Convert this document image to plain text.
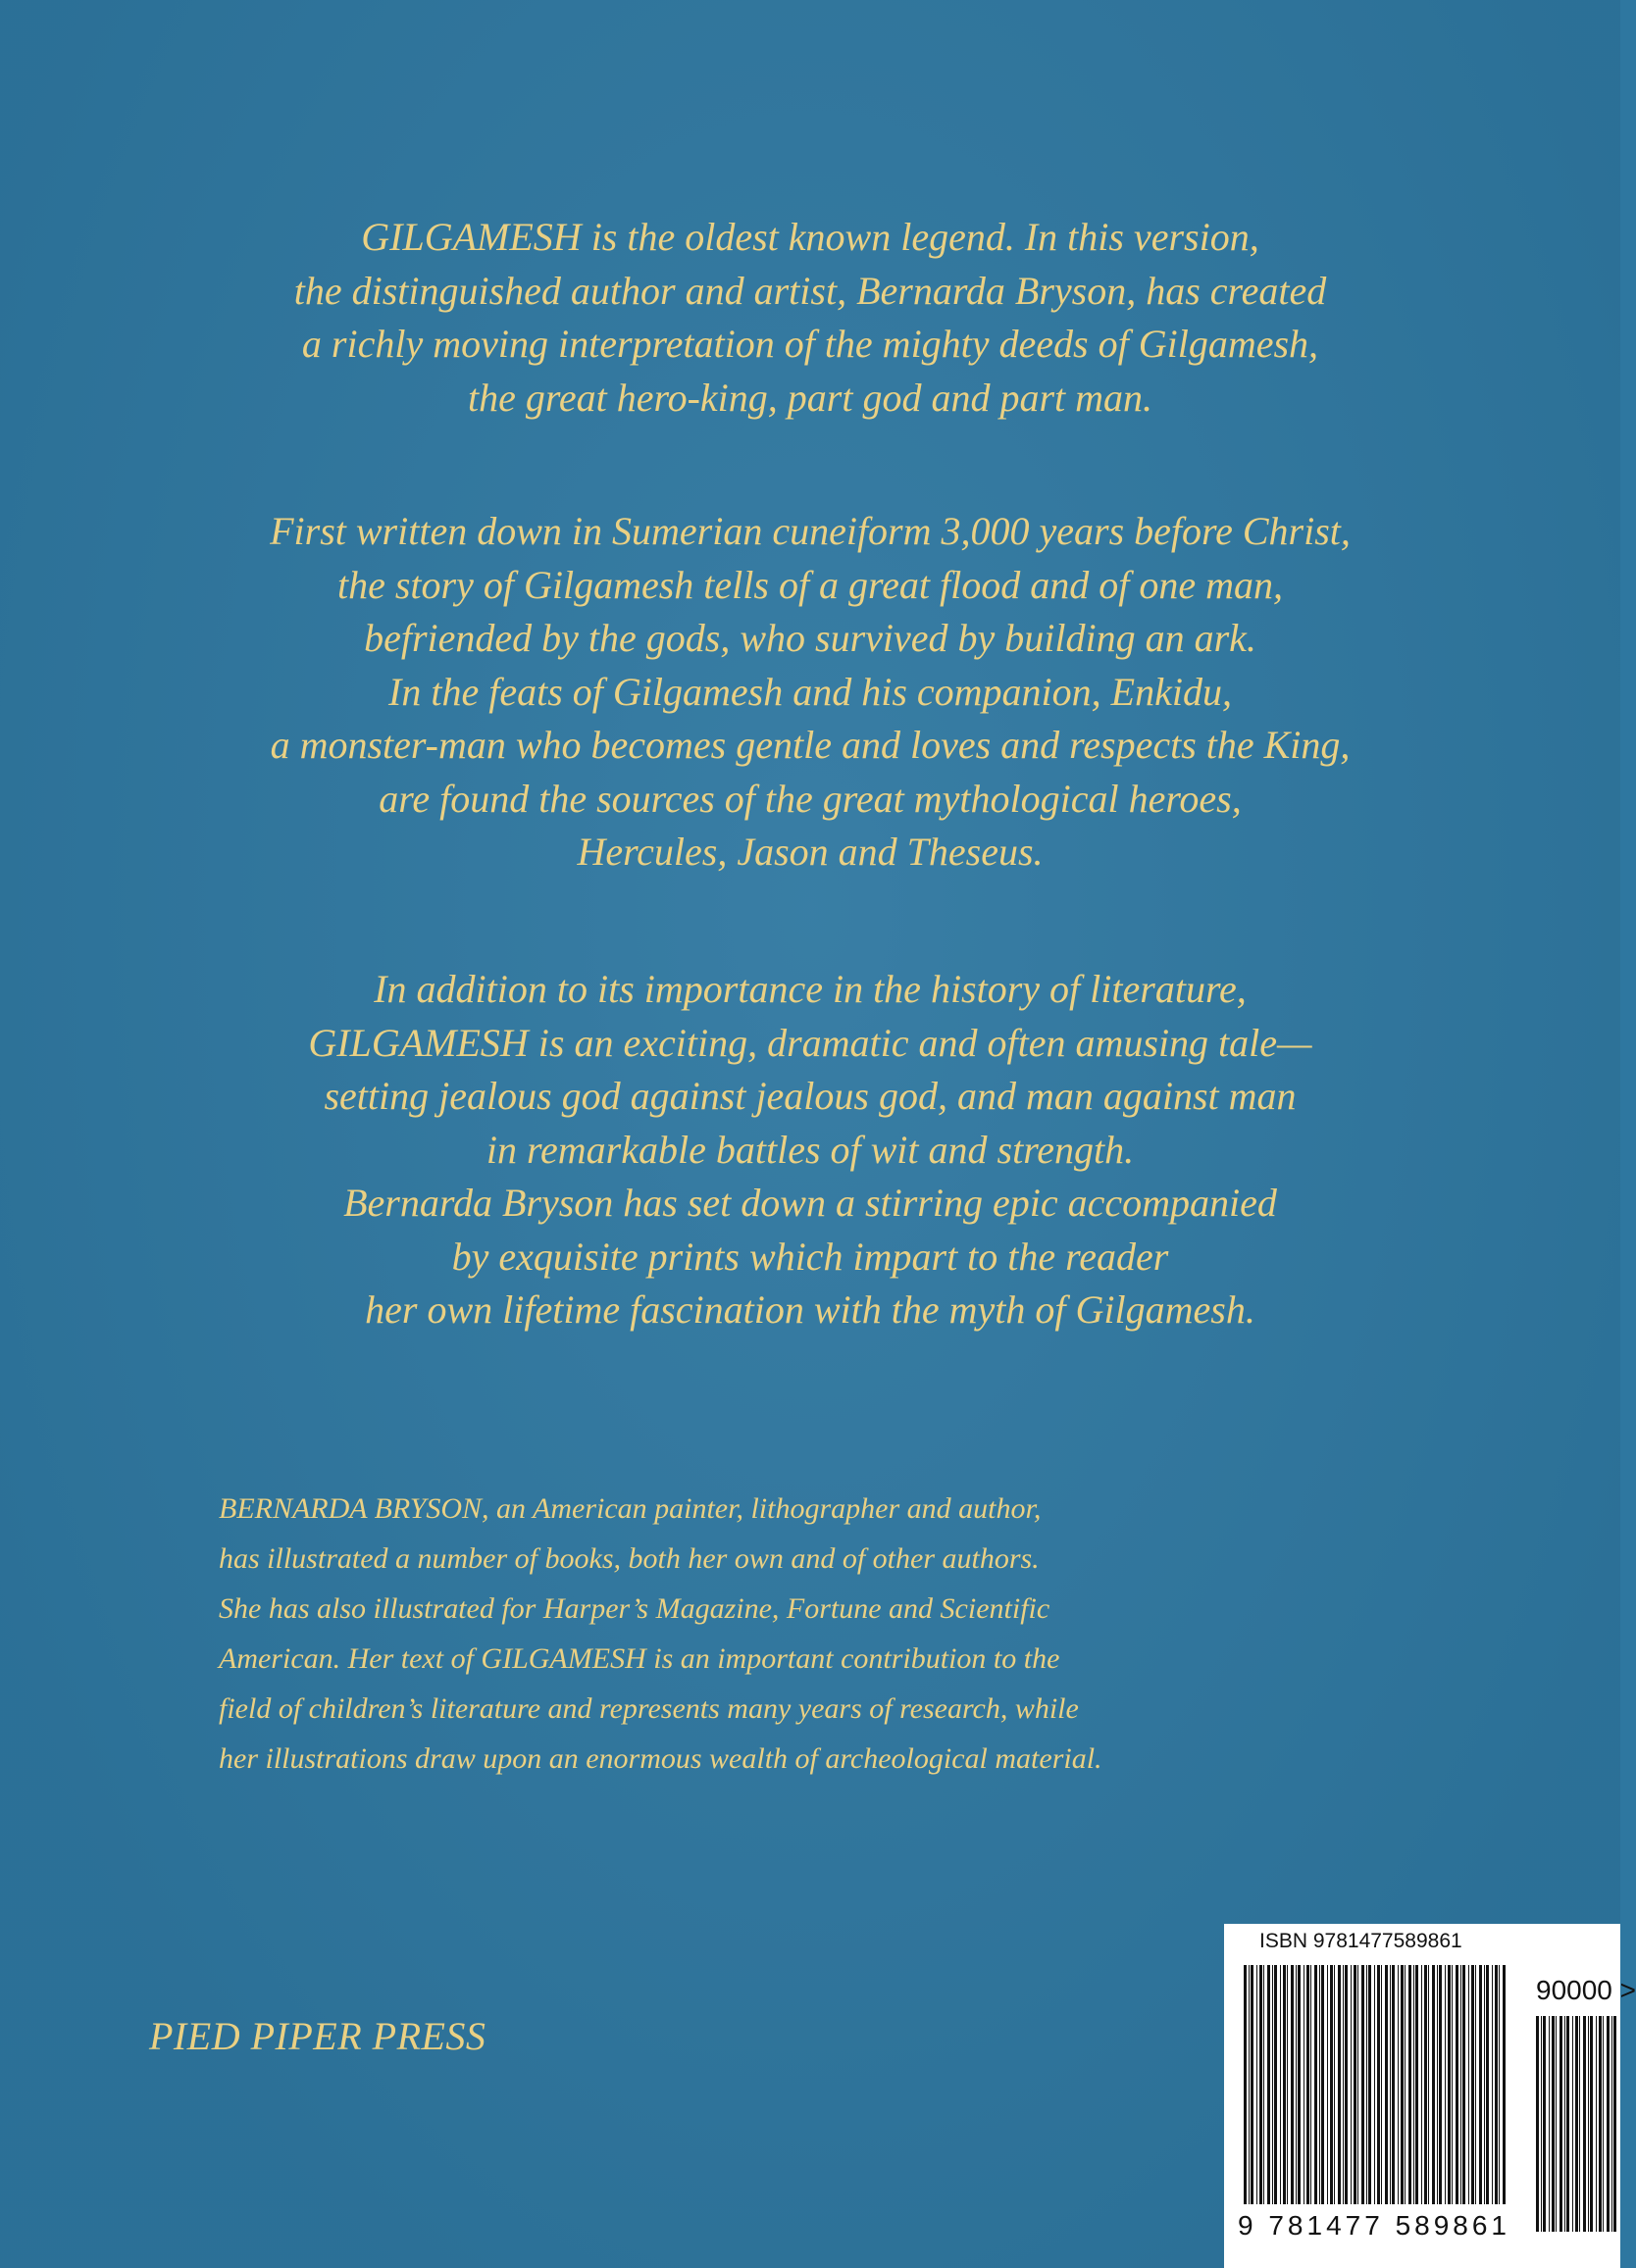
GILGAMESH is the oldest known legend. In this version,
the distinguished author and artist, Bernarda Bryson, has created
a richly moving interpretation of the mighty deeds of Gilgamesh,
the great hero-king, part god and part man.
First written down in Sumerian cuneiform 3,000 years before Christ,
the story of Gilgamesh tells of a great flood and of one man,
befriended by the gods, who survived by building an ark.
In the feats of Gilgamesh and his companion, Enkidu,
a monster-man who becomes gentle and loves and respects the King,
are found the sources of the great mythological heroes,
Hercules, Jason and Theseus.
In addition to its importance in the history of literature,
GILGAMESH is an exciting, dramatic and often amusing tale—
setting jealous god against jealous god, and man against man
in remarkable battles of wit and strength.
Bernarda Bryson has set down a stirring epic accompanied
by exquisite prints which impart to the reader
her own lifetime fascination with the myth of Gilgamesh.
BERNARDA BRYSON, an American painter, lithographer and author,
has illustrated a number of books, both her own and of other authors.
She has also illustrated for Harper’s Magazine, Fortune and Scientific
American. Her text of GILGAMESH is an important contribution to the
field of children’s literature and represents many years of research, while
her illustrations draw upon an enormous wealth of archeological material.
PIED PIPER PRESS
ISBN 9781477589861
90000 >
9 781477 589861
